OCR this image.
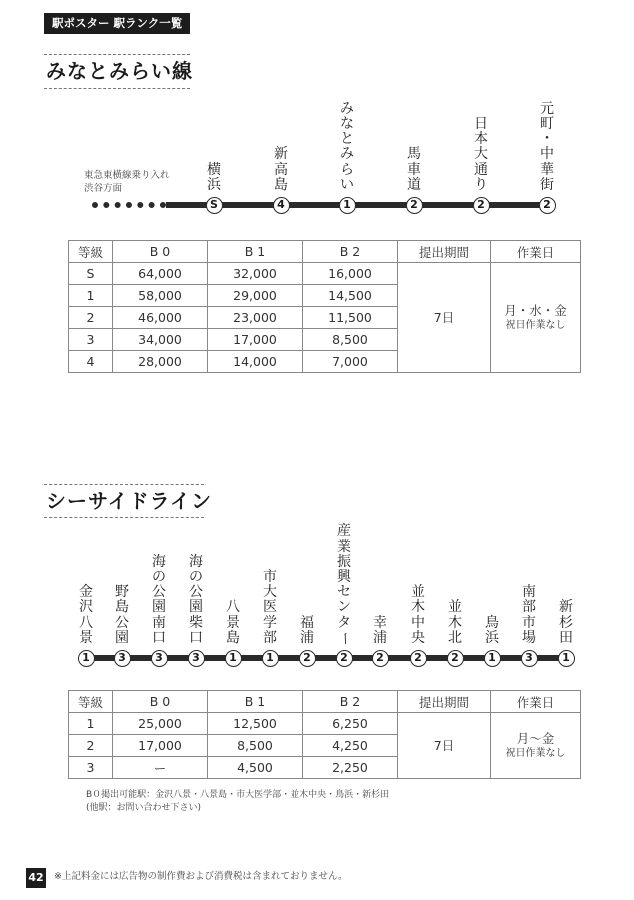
駅ポスター 駅ランク一覧
みなとみらい線
東急東横線乗り入れ
渋谷方面
横
浜
S
新
高
島
4
み
な
と
み
ら
い
1
馬
車
道
2
日
本
大
通
り
2
元
町
・
中
華
街
2
等級	B 0	B 1	B 2	提出期間	作業日
S	64,000	32,000	16,000	7日	月・水・金
祝日作業なし

1	58,000	29,000	14,500		
2	46,000	23,000	11,500		
3	34,000	17,000	8,500		
4	28,000	14,000	7,000		
シーサイドライン
金
沢
八
景
1
野
島
公
園
3
海
の
公
園
南
口
3
海
の
公
園
柴
口
3
八
景
島
1
市
大
医
学
部
1
福
浦
2
産
業
振
興
セ
ン
タ
ー
2
幸
浦
2
並
木
中
央
2
並
木
北
2
鳥
浜
1
南
部
市
場
3
新
杉
田
1
等級	B 0	B 1	B 2	提出期間	作業日
1	25,000	12,500	6,250	7日	月〜金
祝日作業なし

2	17,000	8,500	4,250		
3	ー	4,500	2,250		
B０掲出可能駅：金沢八景・八景島・市大医学部・並木中央・鳥浜・新杉田
(他駅：お問い合わせ下さい)
42 ※上記料金には広告物の制作費および消費税は含まれておりません。
